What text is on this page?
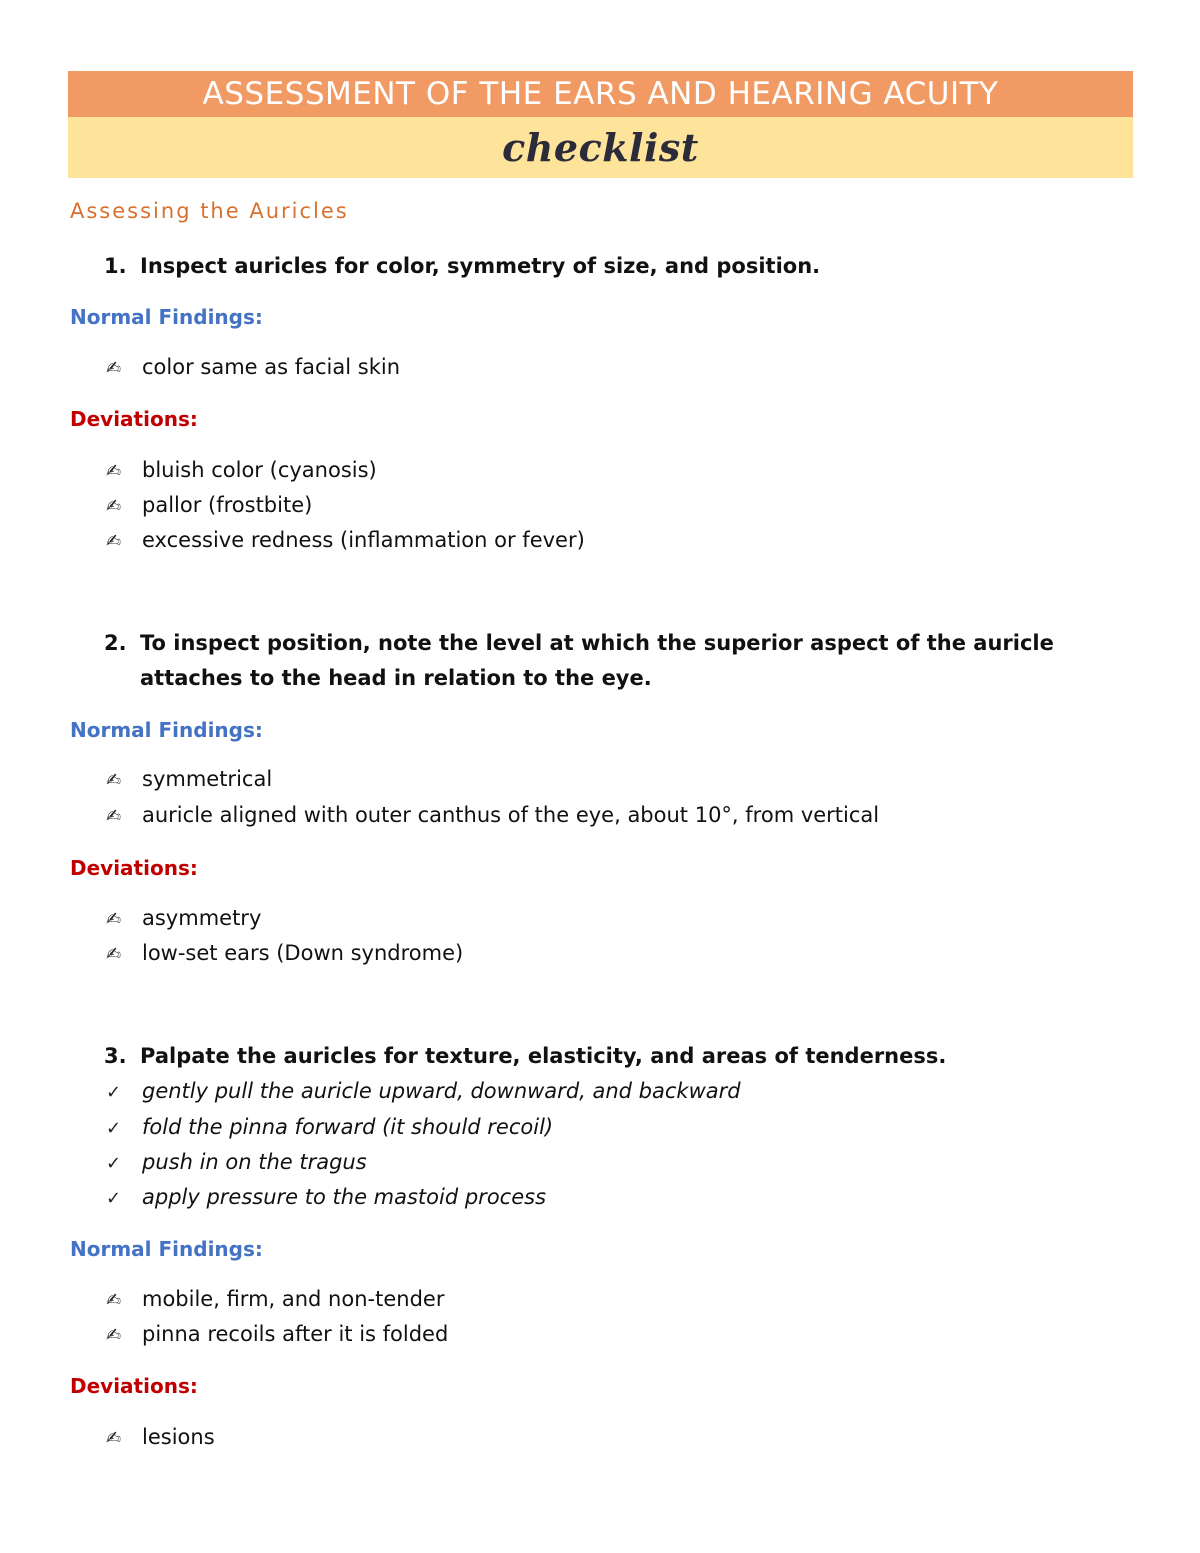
ASSESSMENT OF THE EARS AND HEARING ACUITY
checklist
Assessing the Auricles
1. Inspect auricles for color, symmetry of size, and position.
Normal Findings:
✍ color same as facial skin
Deviations:
✍ bluish color (cyanosis)
✍ pallor (frostbite)
✍ excessive redness (inflammation or fever)
2. To inspect position, note the level at which the superior aspect of the auricle
attaches to the head in relation to the eye.
Normal Findings:
✍ symmetrical
✍ auricle aligned with outer canthus of the eye, about 10°, from vertical
Deviations:
✍ asymmetry
✍ low-set ears (Down syndrome)
3. Palpate the auricles for texture, elasticity, and areas of tenderness.
✓ gently pull the auricle upward, downward, and backward
✓ fold the pinna forward (it should recoil)
✓ push in on the tragus
✓ apply pressure to the mastoid process
Normal Findings:
✍ mobile, firm, and non-tender
✍ pinna recoils after it is folded
Deviations:
✍ lesions
